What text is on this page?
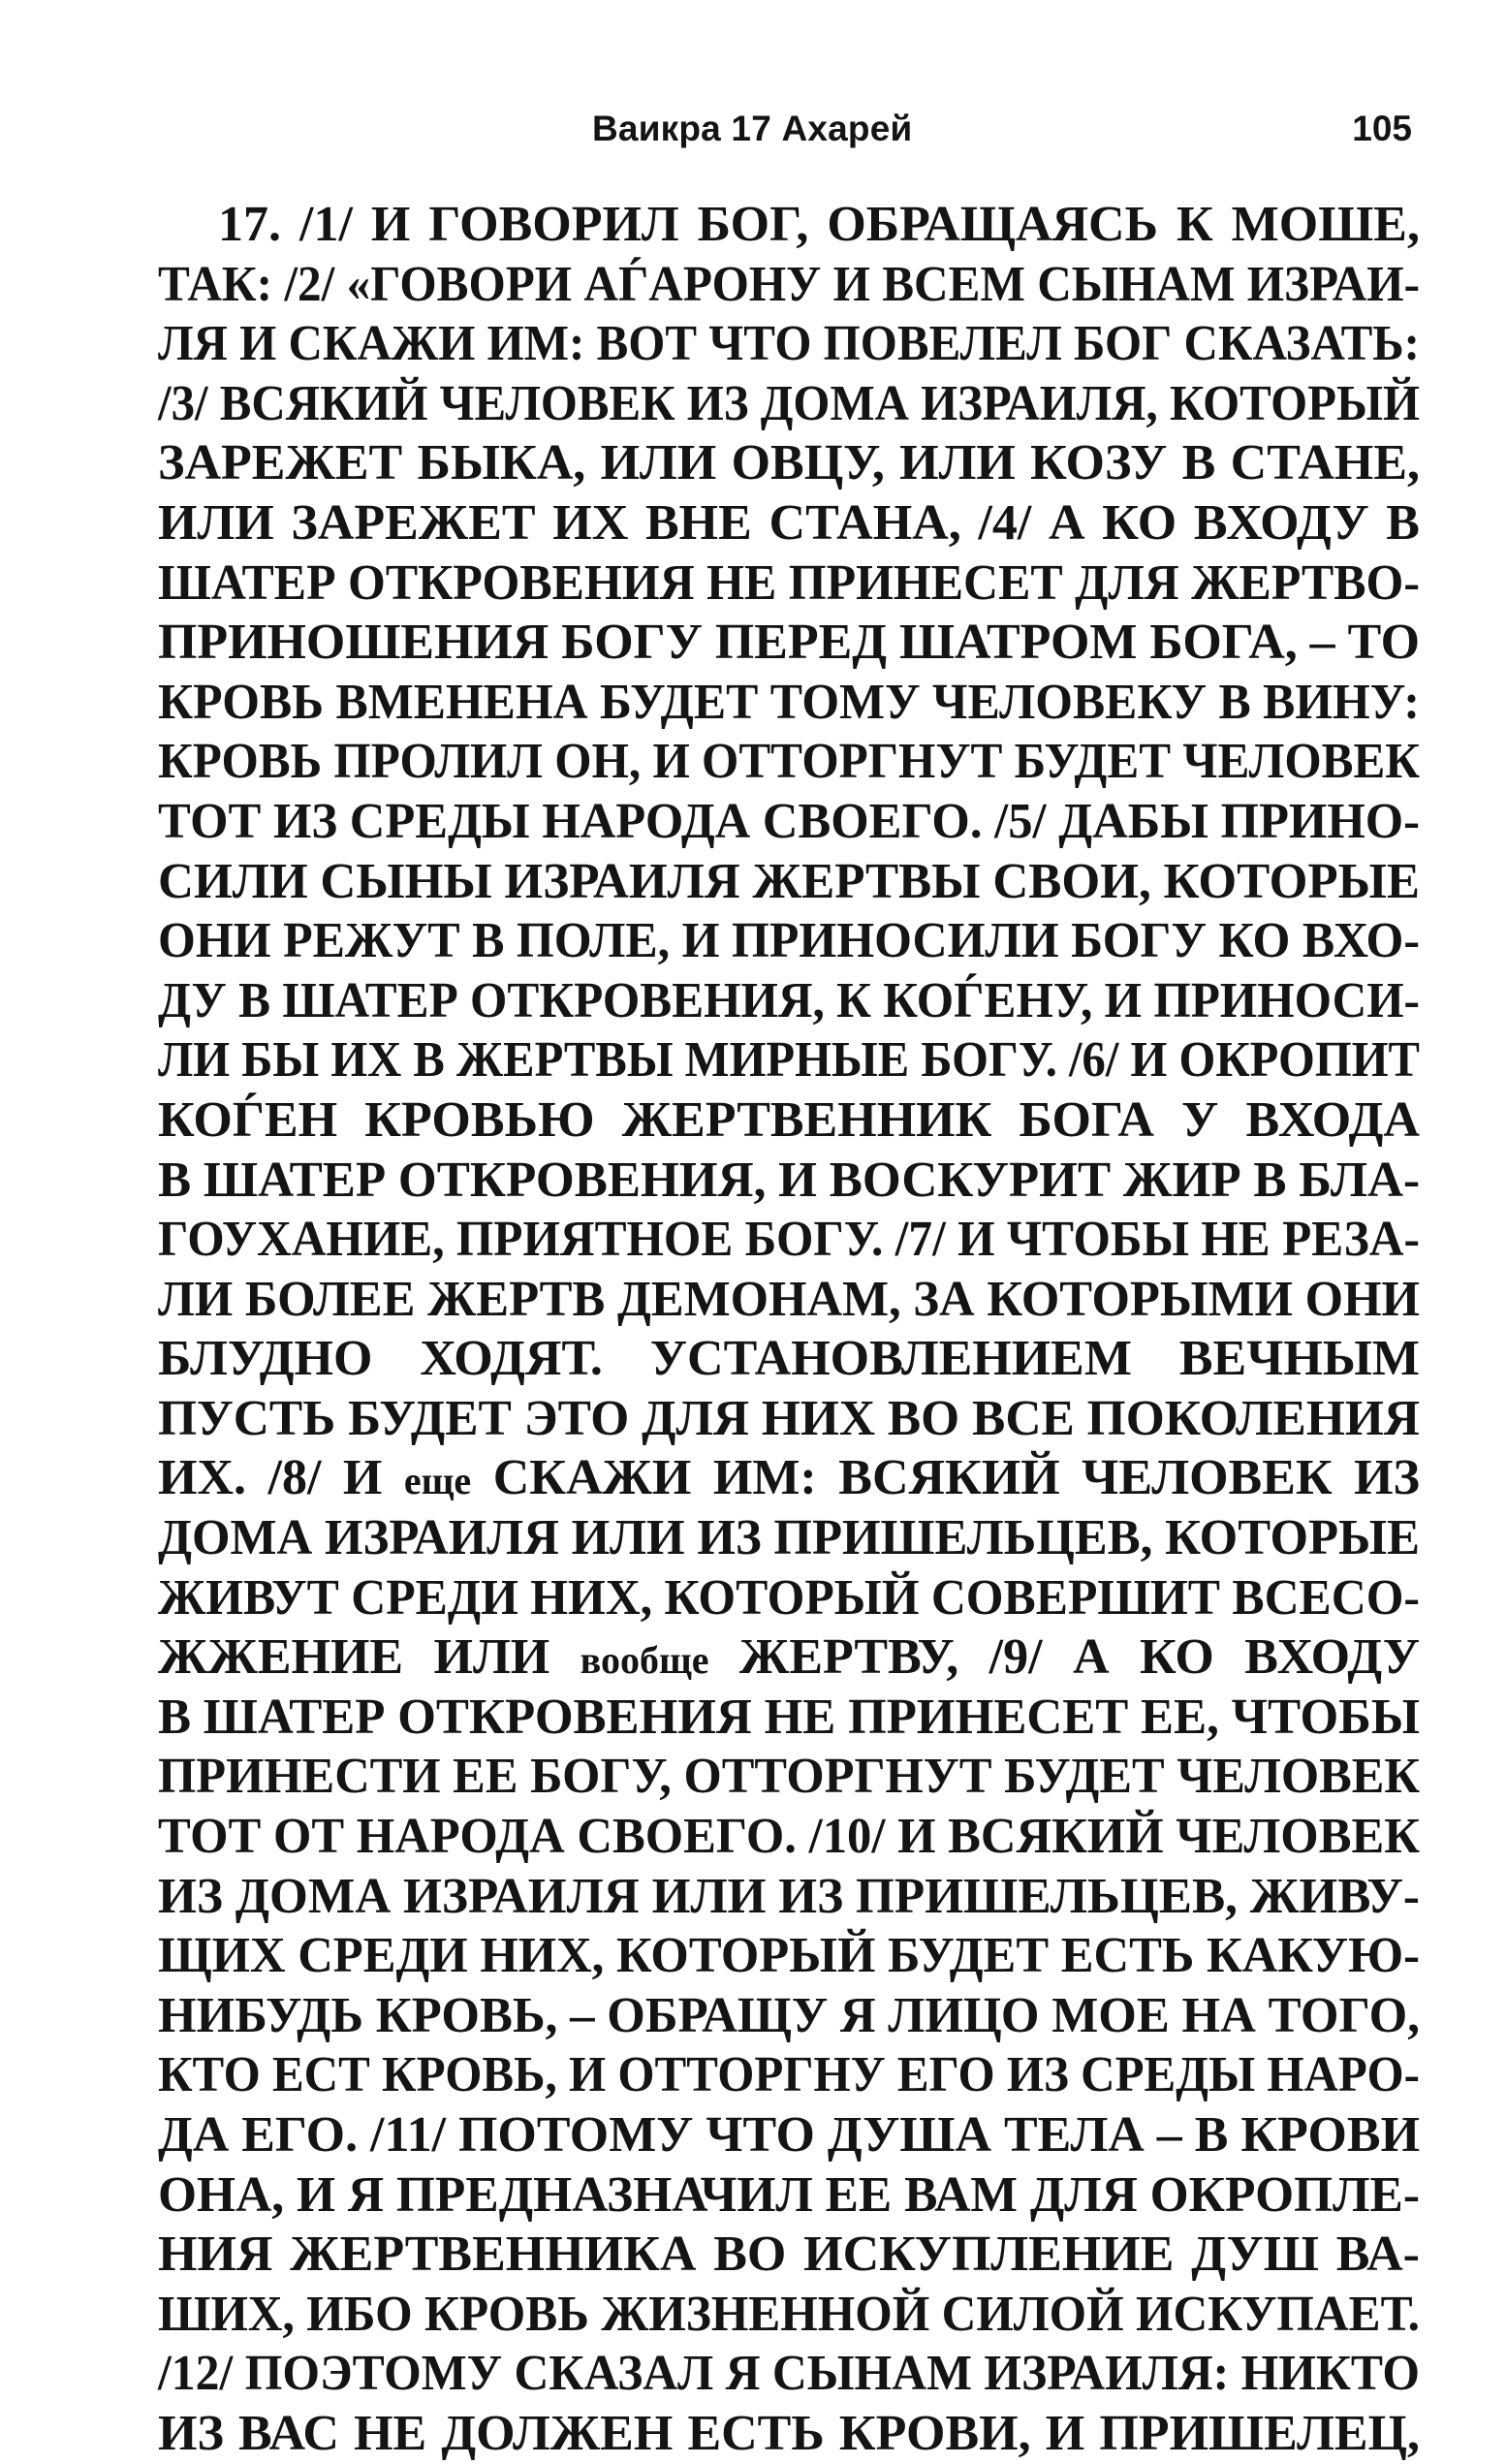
Ваикра 17 Ахарей	105
17. /1/ И ГОВОРИЛ БОГ, ОБРАЩАЯСЬ К МОШЕ,
ТАК: /2/ «ГОВОРИ АЃАРОНУ И ВСЕМ СЫНАМ ИЗРАИ-
ЛЯ И СКАЖИ ИМ: ВОТ ЧТО ПОВЕЛЕЛ БОГ СКАЗАТЬ:
/3/ ВСЯКИЙ ЧЕЛОВЕК ИЗ ДОМА ИЗРАИЛЯ, КОТОРЫЙ
ЗАРЕЖЕТ БЫКА, ИЛИ ОВЦУ, ИЛИ КОЗУ В СТАНЕ,
ИЛИ ЗАРЕЖЕТ ИХ ВНЕ СТАНА, /4/ А КО ВХОДУ В
ШАТЕР ОТКРОВЕНИЯ НЕ ПРИНЕСЕТ ДЛЯ ЖЕРТВО-
ПРИНОШЕНИЯ БОГУ ПЕРЕД ШАТРОМ БОГА, – ТО
КРОВЬ ВМЕНЕНА БУДЕТ ТОМУ ЧЕЛОВЕКУ В ВИНУ:
КРОВЬ ПРОЛИЛ ОН, И ОТТОРГНУТ БУДЕТ ЧЕЛОВЕК
ТОТ ИЗ СРЕДЫ НАРОДА СВОЕГО. /5/ ДАБЫ ПРИНО-
СИЛИ СЫНЫ ИЗРАИЛЯ ЖЕРТВЫ СВОИ, КОТОРЫЕ
ОНИ РЕЖУТ В ПОЛЕ, И ПРИНОСИЛИ БОГУ КО ВХО-
ДУ В ШАТЕР ОТКРОВЕНИЯ, К КОЃЕНУ, И ПРИНОСИ-
ЛИ БЫ ИХ В ЖЕРТВЫ МИРНЫЕ БОГУ. /6/ И ОКРОПИТ
КОЃЕН КРОВЬЮ ЖЕРТВЕННИК БОГА У ВХОДА
В ШАТЕР ОТКРОВЕНИЯ, И ВОСКУРИТ ЖИР В БЛА-
ГОУХАНИЕ, ПРИЯТНОЕ БОГУ. /7/ И ЧТОБЫ НЕ РЕЗА-
ЛИ БОЛЕЕ ЖЕРТВ ДЕМОНАМ, ЗА КОТОРЫМИ ОНИ
БЛУДНО ХОДЯТ. УСТАНОВЛЕНИЕМ ВЕЧНЫМ
ПУСТЬ БУДЕТ ЭТО ДЛЯ НИХ ВО ВСЕ ПОКОЛЕНИЯ
ИХ. /8/ И еще СКАЖИ ИМ: ВСЯКИЙ ЧЕЛОВЕК ИЗ
ДОМА ИЗРАИЛЯ ИЛИ ИЗ ПРИШЕЛЬЦЕВ, КОТОРЫЕ
ЖИВУТ СРЕДИ НИХ, КОТОРЫЙ СОВЕРШИТ ВСЕСО-
ЖЖЕНИЕ ИЛИ вообще ЖЕРТВУ, /9/ А КО ВХОДУ
В ШАТЕР ОТКРОВЕНИЯ НЕ ПРИНЕСЕТ ЕЕ, ЧТОБЫ
ПРИНЕСТИ ЕЕ БОГУ, ОТТОРГНУТ БУДЕТ ЧЕЛОВЕК
ТОТ ОТ НАРОДА СВОЕГО. /10/ И ВСЯКИЙ ЧЕЛОВЕК
ИЗ ДОМА ИЗРАИЛЯ ИЛИ ИЗ ПРИШЕЛЬЦЕВ, ЖИВУ-
ЩИХ СРЕДИ НИХ, КОТОРЫЙ БУДЕТ ЕСТЬ КАКУЮ-
НИБУДЬ КРОВЬ, – ОБРАЩУ Я ЛИЦО МОЕ НА ТОГО,
КТО ЕСТ КРОВЬ, И ОТТОРГНУ ЕГО ИЗ СРЕДЫ НАРО-
ДА ЕГО. /11/ ПОТОМУ ЧТО ДУША ТЕЛА – В КРОВИ
ОНА, И Я ПРЕДНАЗНАЧИЛ ЕЕ ВАМ ДЛЯ ОКРОПЛЕ-
НИЯ ЖЕРТВЕННИКА ВО ИСКУПЛЕНИЕ ДУШ ВА-
ШИХ, ИБО КРОВЬ ЖИЗНЕННОЙ СИЛОЙ ИСКУПАЕТ.
/12/ ПОЭТОМУ СКАЗАЛ Я СЫНАМ ИЗРАИЛЯ: НИКТО
ИЗ ВАС НЕ ДОЛЖЕН ЕСТЬ КРОВИ, И ПРИШЕЛЕЦ,
